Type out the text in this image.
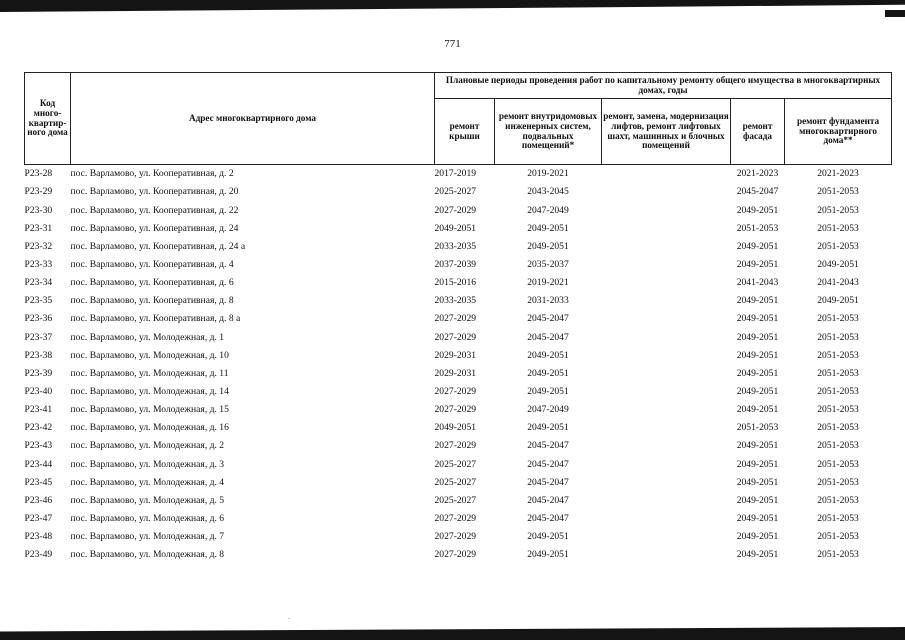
771
Код много-квартир-ного дома	Адрес многоквартирного дома	Плановые периоды проведения работ по капитальному ремонту общего имущества в многоквартирных домах, годы				
		ремонт крыши	ремонт внутридомовых инженерных систем, подвальных помещений*	ремонт, замена, модернизация лифтов, ремонт лифтовых шахт, машинных и блочных помещений	ремонт фасада	ремонт фундамента многоквартирного дома**
P23-28	пос. Варламово, ул. Кооперативная, д. 2	2017-2019	2019-2021		2021-2023	2021-2023
P23-29	пос. Варламово, ул. Кооперативная, д. 20	2025-2027	2043-2045		2045-2047	2051-2053
P23-30	пос. Варламово, ул. Кооперативная, д. 22	2027-2029	2047-2049		2049-2051	2051-2053
P23-31	пос. Варламово, ул. Кооперативная, д. 24	2049-2051	2049-2051		2051-2053	2051-2053
P23-32	пос. Варламово, ул. Кооперативная, д. 24 а	2033-2035	2049-2051		2049-2051	2051-2053
P23-33	пос. Варламово, ул. Кооперативная, д. 4	2037-2039	2035-2037		2049-2051	2049-2051
P23-34	пос. Варламово, ул. Кооперативная, д. 6	2015-2016	2019-2021		2041-2043	2041-2043
P23-35	пос. Варламово, ул. Кооперативная, д. 8	2033-2035	2031-2033		2049-2051	2049-2051
P23-36	пос. Варламово, ул. Кооперативная, д. 8 а	2027-2029	2045-2047		2049-2051	2051-2053
P23-37	пос. Варламово, ул. Молодежная, д. 1	2027-2029	2045-2047		2049-2051	2051-2053
P23-38	пос. Варламово, ул. Молодежная, д. 10	2029-2031	2049-2051		2049-2051	2051-2053
P23-39	пос. Варламово, ул. Молодежная, д. 11	2029-2031	2049-2051		2049-2051	2051-2053
P23-40	пос. Варламово, ул. Молодежная, д. 14	2027-2029	2049-2051		2049-2051	2051-2053
P23-41	пос. Варламово, ул. Молодежная, д. 15	2027-2029	2047-2049		2049-2051	2051-2053
P23-42	пос. Варламово, ул. Молодежная, д. 16	2049-2051	2049-2051		2051-2053	2051-2053
P23-43	пос. Варламово, ул. Молодежная, д. 2	2027-2029	2045-2047		2049-2051	2051-2053
P23-44	пос. Варламово, ул. Молодежная, д. 3	2025-2027	2045-2047		2049-2051	2051-2053
P23-45	пос. Варламово, ул. Молодежная, д. 4	2025-2027	2045-2047		2049-2051	2051-2053
P23-46	пос. Варламово, ул. Молодежная, д. 5	2025-2027	2045-2047		2049-2051	2051-2053
P23-47	пос. Варламово, ул. Молодежная, д. 6	2027-2029	2045-2047		2049-2051	2051-2053
P23-48	пос. Варламово, ул. Молодежная, д. 7	2027-2029	2049-2051		2049-2051	2051-2053
P23-49	пос. Варламово, ул. Молодежная, д. 8	2027-2029	2049-2051		2049-2051	2051-2053
.
